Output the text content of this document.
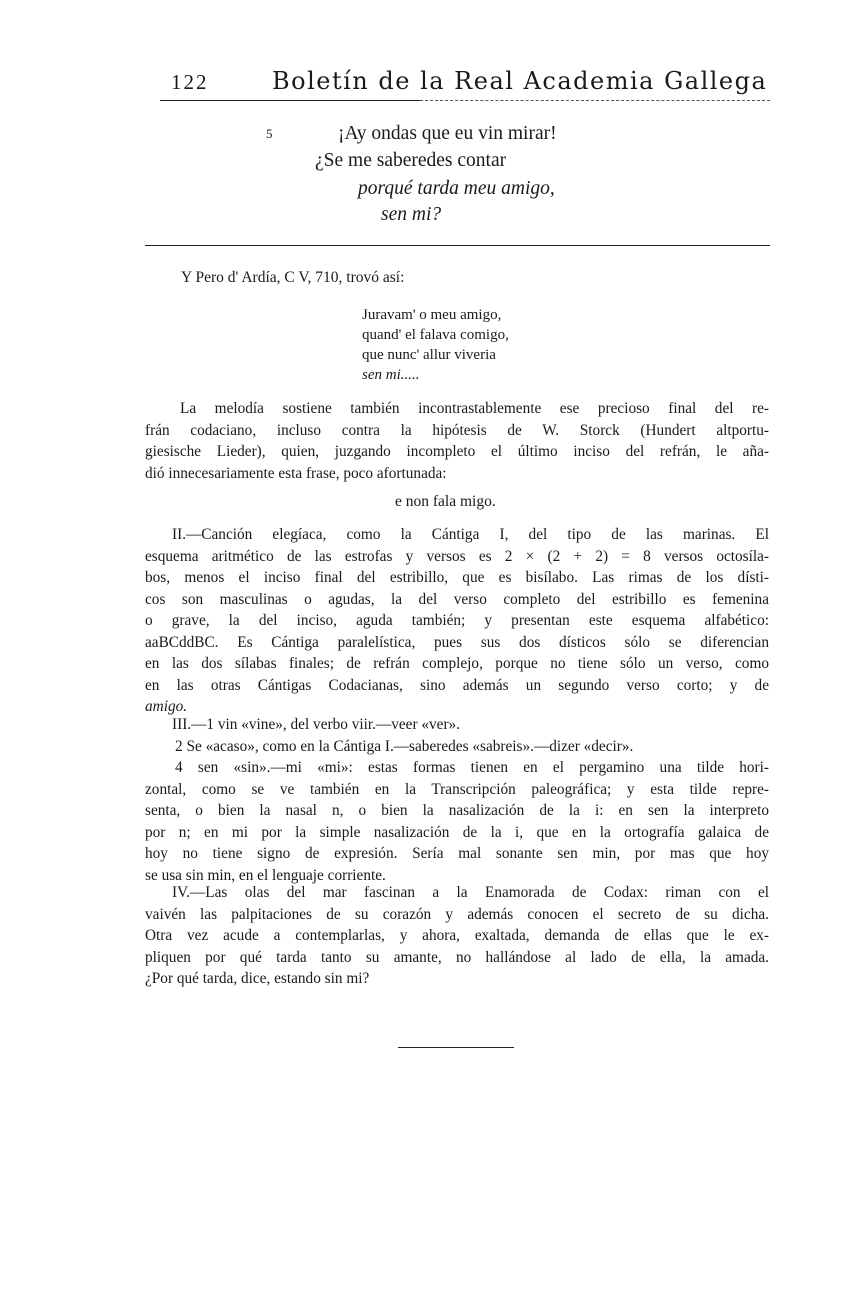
122	Boletín de la Real Academia Gallega
5	¡Ay ondas que eu vin mirar!
¿Se me saberedes contar
porqué tarda meu amigo,
sen mi?
Y Pero d' Ardía, C V, 710, trovó así:
Juravam' o meu amigo,
quand' el falava comigo,
que nunc' allur viveria
sen mi.....
La melodía sostiene también incontrastablemente ese precioso final del re-
frán codaciano, incluso contra la hipótesis de W. Storck (Hundert altportu-
giesische Lieder), quien, juzgando incompleto el último inciso del refrán, le aña-
dió innecesariamente esta frase, poco afortunada:
e non fala migo.
II.—Canción elegíaca, como la Cántiga I, del tipo de las marinas. El
esquema aritmético de las estrofas y versos es 2 × (2 + 2) = 8 versos octosíla-
bos, menos el inciso final del estribillo, que es bisílabo. Las rimas de los dísti-
cos son masculinas o agudas, la del verso completo del estribillo es femenina
o grave, la del inciso, aguda también; y presentan este esquema alfabético:
aaBCddBC. Es Cántiga paralelística, pues sus dos dísticos sólo se diferencian
en las dos sílabas finales; de refrán complejo, porque no tiene sólo un verso, como
en las otras Cántigas Codacianas, sino además un segundo verso corto; y de
amigo.
III.—1 vin «vine», del verbo viir.—veer «ver».
2 Se «acaso», como en la Cántiga I.—saberedes «sabreis».—dizer «decir».
4 sen «sin».—mi «mi»: estas formas tienen en el pergamino una tilde hori-
zontal, como se ve también en la Transcripción paleográfica; y esta tilde repre-
senta, o bien la nasal n, o bien la nasalización de la i: en sen la interpreto
por n; en mi por la simple nasalización de la i, que en la ortografía galaica de
hoy no tiene signo de expresión. Sería mal sonante sen min, por mas que hoy
se usa sin min, en el lenguaje corriente.
IV.—Las olas del mar fascinan a la Enamorada de Codax: riman con el
vaivén las palpitaciones de su corazón y además conocen el secreto de su dicha.
Otra vez acude a contemplarlas, y ahora, exaltada, demanda de ellas que le ex-
pliquen por qué tarda tanto su amante, no hallándose al lado de ella, la amada.
¿Por qué tarda, dice, estando sin mi?
